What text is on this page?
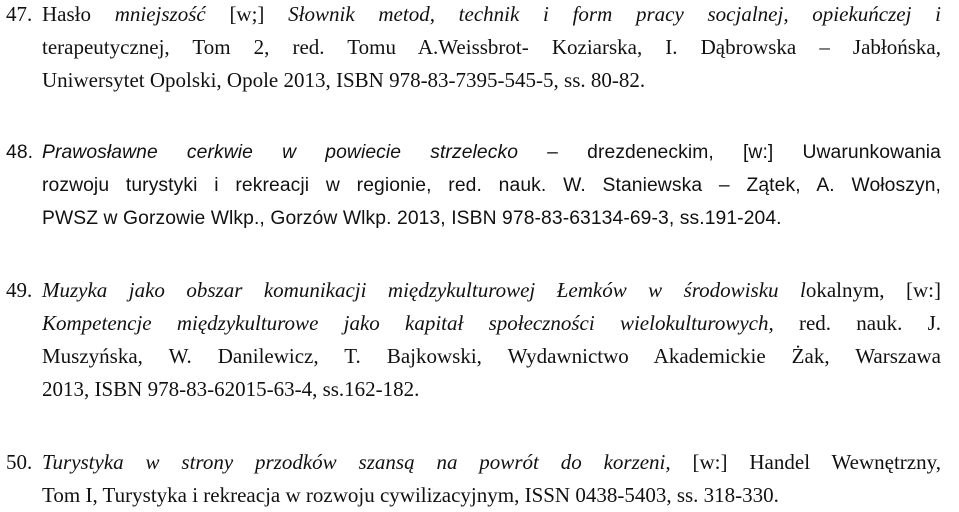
47. Hasło mniejszość [w;] Słownik metod, technik i form pracy socjalnej, opiekuńczej i
terapeutycznej, Tom 2, red. Tomu A.Weissbrot- Koziarska, I. Dąbrowska – Jabłońska,
Uniwersytet Opolski, Opole 2013, ISBN 978-83-7395-545-5, ss. 80-82.
48. Prawosławne cerkwie w powiecie strzelecko – drezdeneckim, [w:] Uwarunkowania
rozwoju turystyki i rekreacji w regionie, red. nauk. W. Staniewska – Zątek, A. Wołoszyn,
PWSZ w Gorzowie Wlkp., Gorzów Wlkp. 2013, ISBN 978-83-63134-69-3, ss.191-204.
49. Muzyka jako obszar komunikacji międzykulturowej Łemków w środowisku lokalnym, [w:]
Kompetencje międzykulturowe jako kapitał społeczności wielokulturowych, red. nauk. J.
Muszyńska, W. Danilewicz, T. Bajkowski, Wydawnictwo Akademickie Żak, Warszawa
2013, ISBN 978-83-62015-63-4, ss.162-182.
50. Turystyka w strony przodków szansą na powrót do korzeni, [w:] Handel Wewnętrzny,
Tom I, Turystyka i rekreacja w rozwoju cywilizacyjnym, ISSN 0438-5403, ss. 318-330.
